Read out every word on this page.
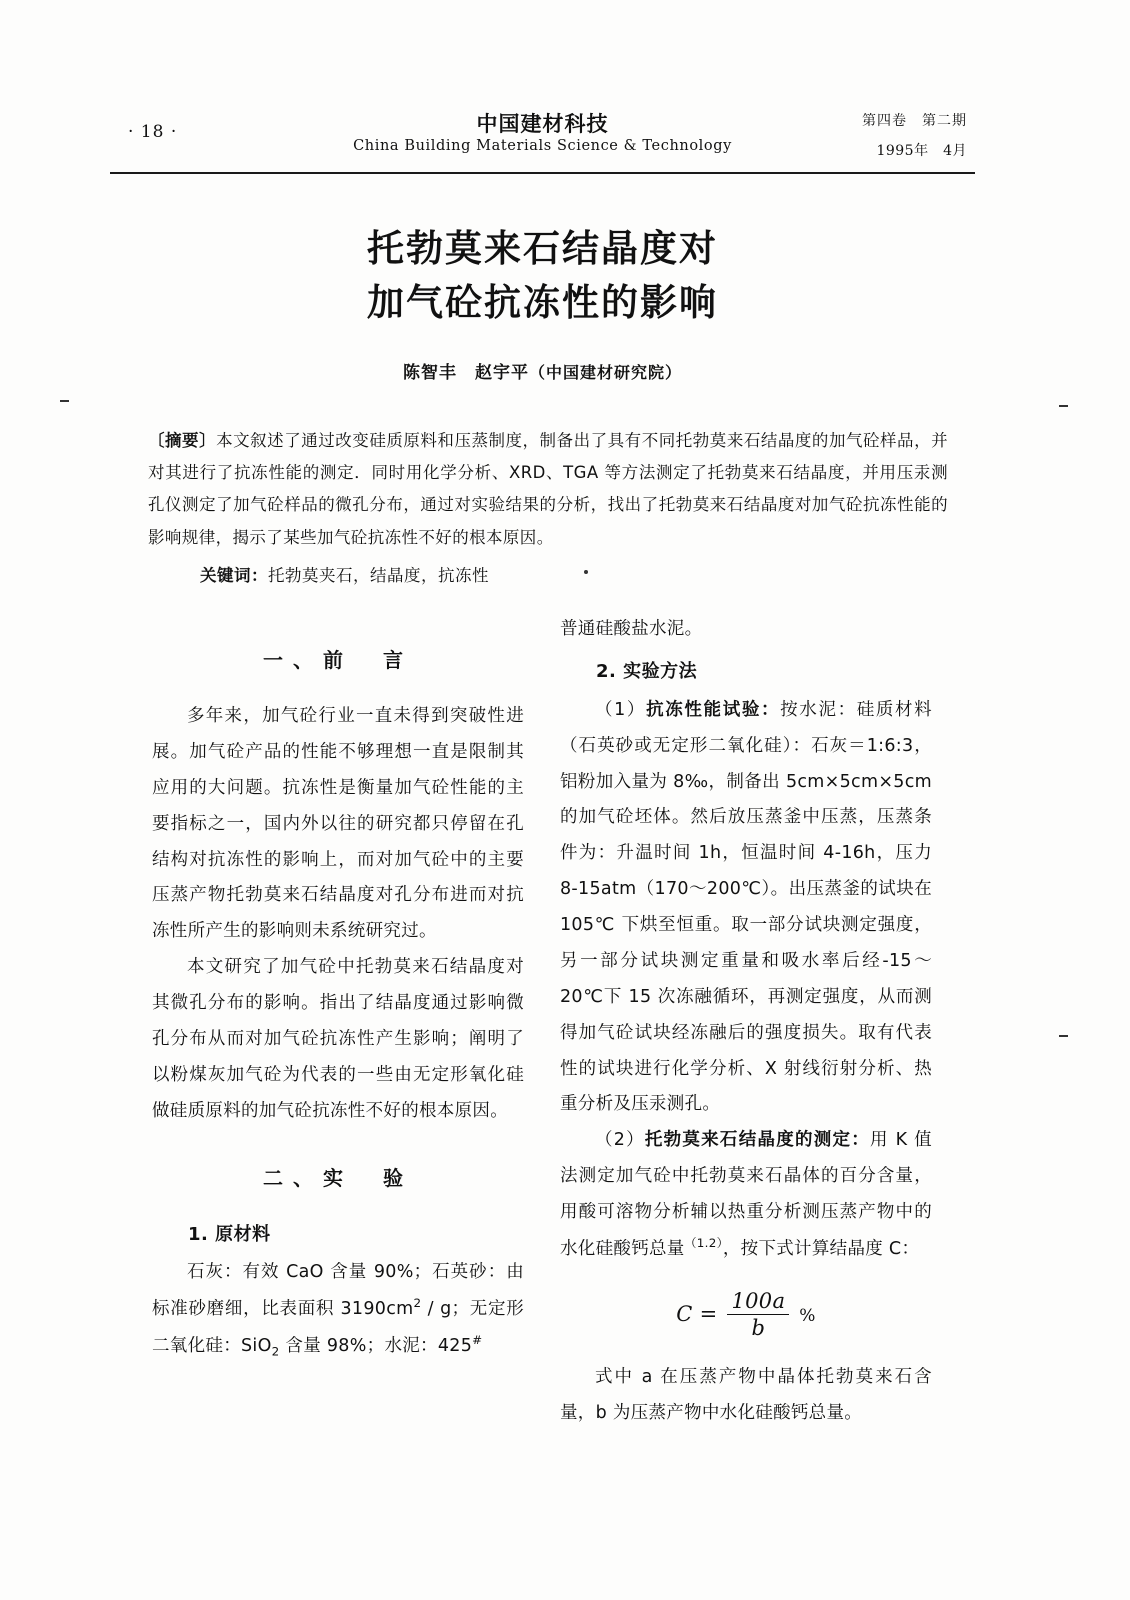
· 18 ·	中国建材科技
China Building Materials Science & Technology
第四卷　第二期
1995年　4月
托勃莫来石结晶度对
加气砼抗冻性的影响
陈智丰　赵宇平（中国建材研究院）
〔摘要〕本文叙述了通过改变硅质原料和压蒸制度，制备出了具有不同托勃莫来石结晶度的加气砼样品，并对其进行了抗冻性能的测定．同时用化学分析、XRD、TGA 等方法测定了托勃莫来石结晶度，并用压汞测孔仪测定了加气砼样品的微孔分布，通过对实验结果的分析，找出了托勃莫来石结晶度对加气砼抗冻性能的影响规律，揭示了某些加气砼抗冻性不好的根本原因。
关键词：托勃莫夹石，结晶度，抗冻性
一、前　言

多年来，加气砼行业一直未得到突破性进展。加气砼产品的性能不够理想一直是限制其应用的大问题。抗冻性是衡量加气砼性能的主要指标之一，国内外以往的研究都只停留在孔结构对抗冻性的影响上，而对加气砼中的主要压蒸产物托勃莫来石结晶度对孔分布进而对抗冻性所产生的影响则未系统研究过。

本文研究了加气砼中托勃莫来石结晶度对其微孔分布的影响。指出了结晶度通过影响微孔分布从而对加气砼抗冻性产生影响；阐明了以粉煤灰加气砼为代表的一些由无定形氧化硅做硅质原料的加气砼抗冻性不好的根本原因。

二、实　验
1. 原材料

石灰：有效 CaO 含量 90%；石英砂：由标准砂磨细，比表面积 $3190cm^2$ / g；无定形二氧化硅：SiO$_2$ 含量 98%；水泥：425#

普通硅酸盐水泥。

2. 实验方法

（1）抗冻性能试验：按水泥：硅质材料（石英砂或无定形二氧化硅）：石灰＝1:6:3，铝粉加入量为 8‰，制备出 5cm×5cm×5cm 的加气砼坯体。然后放压蒸釜中压蒸，压蒸条件为：升温时间 1h，恒温时间 4-16h，压力 8-15atm（170～200℃）。出压蒸釜的试块在 105℃ 下烘至恒重。取一部分试块测定强度，另一部分试块测定重量和吸水率后经-15～20℃下 15 次冻融循环，再测定强度，从而测得加气砼试块经冻融后的强度损失。取有代表性的试块进行化学分析、X 射线衍射分析、热重分析及压汞测孔。

（2）托勃莫来石结晶度的测定：用 K 值法测定加气砼中托勃莫来石晶体的百分含量，用酸可溶物分析辅以热重分析测压蒸产物中的水化硅酸钙总量$^{(1.2)}$，按下式计算结晶度 C：

$C = \frac{100a}{b}$ %

式中 a 在压蒸产物中晶体托勃莫来石含量，b 为压蒸产物中水化硅酸钙总量。
